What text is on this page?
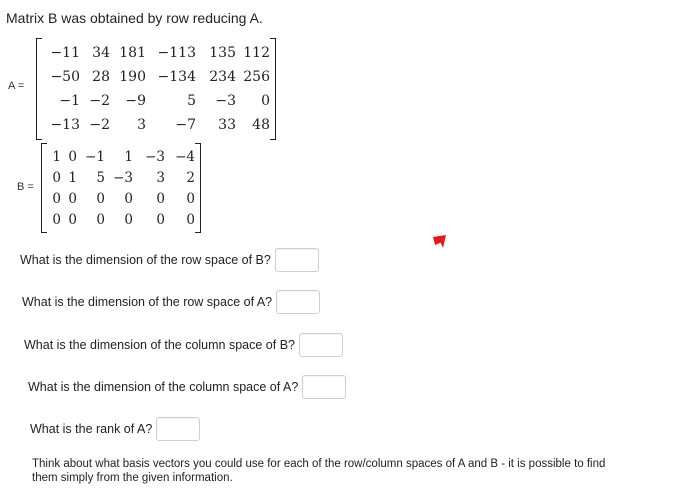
Matrix B was obtained by row reducing A.
A =
−11	34	181	−113	135	112
−50	28	190	−134	234	256
−1	−2	−9	5	−3	0
−13	−2	3	−7	33	48
B =
1	0	−1	1	−3	−4
0	1	5	−3	3	2
0	0	0	0	0	0
0	0	0	0	0	0
What is the dimension of the row space of B?
What is the dimension of the row space of A?
What is the dimension of the column space of B?
What is the dimension of the column space of A?
What is the rank of A?
Think about what basis vectors you could use for each of the row/column spaces of A and B - it is possible to find them simply from the given information.
